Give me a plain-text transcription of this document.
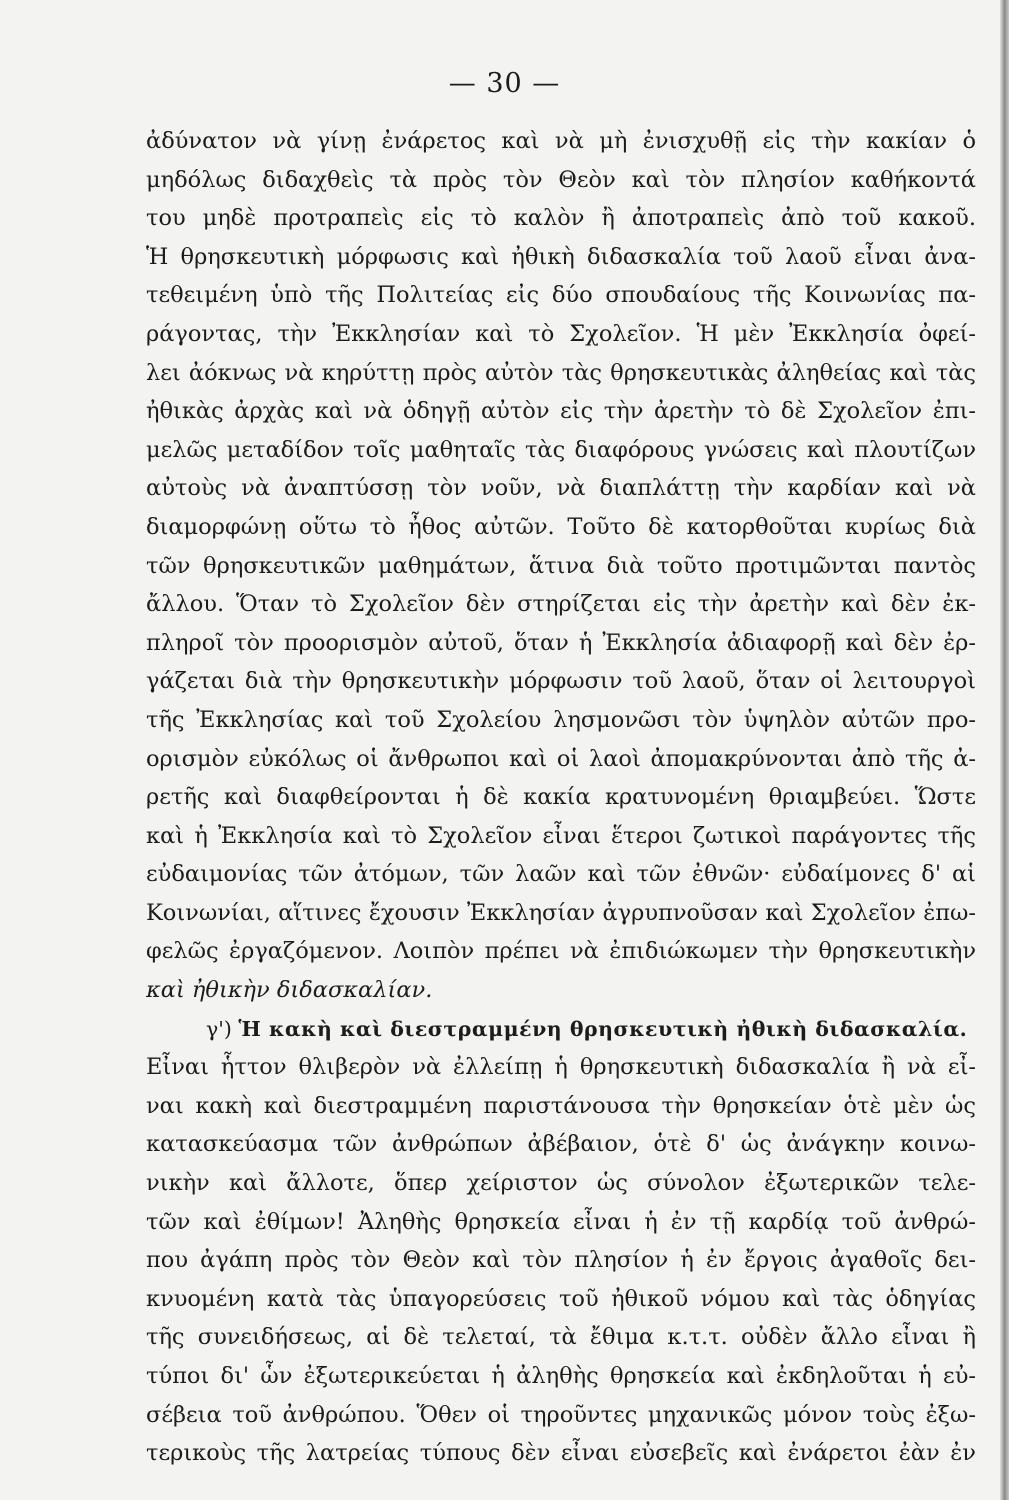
— 30 —
ἀδύνατον νὰ γίνῃ ἐνάρετος καὶ νὰ μὴ ἐνισχυθῇ εἰς τὴν κακίαν ὁ
μηδόλως διδαχθεὶς τὰ πρὸς τὸν Θεὸν καὶ τὸν πλησίον καθήκοντά
του μηδὲ προτραπεὶς εἰς τὸ καλὸν ἢ ἀποτραπεὶς ἀπὸ τοῦ κακοῦ.
Ἡ θρησκευτικὴ μόρφωσις καὶ ἠθικὴ διδασκαλία τοῦ λαοῦ εἶναι ἀνα-
τεθειμένη ὑπὸ τῆς Πολιτείας εἰς δύο σπουδαίους τῆς Κοινωνίας πα-
ράγοντας, τὴν Ἐκκλησίαν καὶ τὸ Σχολεῖον. Ἡ μὲν Ἐκκλησία ὀφεί-
λει ἀόκνως νὰ κηρύττῃ πρὸς αὐτὸν τὰς θρησκευτικὰς ἀληθείας καὶ τὰς
ἠθικὰς ἀρχὰς καὶ νὰ ὁδηγῇ αὐτὸν εἰς τὴν ἀρετὴν τὸ δὲ Σχολεῖον ἐπι-
μελῶς μεταδίδον τοῖς μαθηταῖς τὰς διαφόρους γνώσεις καὶ πλουτίζων
αὐτοὺς νὰ ἀναπτύσσῃ τὸν νοῦν, νὰ διαπλάττῃ τὴν καρδίαν καὶ νὰ
διαμορφώνῃ οὕτω τὸ ἦθος αὐτῶν. Τοῦτο δὲ κατορθοῦται κυρίως διὰ
τῶν θρησκευτικῶν μαθημάτων, ἅτινα διὰ τοῦτο προτιμῶνται παντὸς
ἄλλου. Ὅταν τὸ Σχολεῖον δὲν στηρίζεται εἰς τὴν ἀρετὴν καὶ δὲν ἐκ-
πληροῖ τὸν προορισμὸν αὐτοῦ, ὅταν ἡ Ἐκκλησία ἀδιαφορῇ καὶ δὲν ἐρ-
γάζεται διὰ τὴν θρησκευτικὴν μόρφωσιν τοῦ λαοῦ, ὅταν οἱ λειτουργοὶ
τῆς Ἐκκλησίας καὶ τοῦ Σχολείου λησμονῶσι τὸν ὑψηλὸν αὐτῶν προ-
ορισμὸν εὐκόλως οἱ ἄνθρωποι καὶ οἱ λαοὶ ἀπομακρύνονται ἀπὸ τῆς ἀ-
ρετῆς καὶ διαφθείρονται ἡ δὲ κακία κρατυνομένη θριαμβεύει. Ὥστε
καὶ ἡ Ἐκκλησία καὶ τὸ Σχολεῖον εἶναι ἕτεροι ζωτικοὶ παράγοντες τῆς
εὐδαιμονίας τῶν ἀτόμων, τῶν λαῶν καὶ τῶν ἐθνῶν· εὐδαίμονες δ' αἱ
Κοινωνίαι, αἵτινες ἔχουσιν Ἐκκλησίαν ἀγρυπνοῦσαν καὶ Σχολεῖον ἐπω-
φελῶς ἐργαζόμενον. Λοιπὸν πρέπει νὰ ἐπιδιώκωμεν τὴν θρησκευτικὴν
καὶ ἠθικὴν διδασκαλίαν.
γ') Ἡ κακὴ καὶ διεστραμμένη θρησκευτικὴ ἠθικὴ διδασκαλία.
Εἶναι ἧττον θλιβερὸν νὰ ἐλλείπῃ ἡ θρησκευτικὴ διδασκαλία ἢ νὰ εἶ-
ναι κακὴ καὶ διεστραμμένη παριστάνουσα τὴν θρησκείαν ὁτὲ μὲν ὡς
κατασκεύασμα τῶν ἀνθρώπων ἀβέβαιον, ὁτὲ δ' ὡς ἀνάγκην κοινω-
νικὴν καὶ ἄλλοτε, ὅπερ χείριστον ὡς σύνολον ἐξωτερικῶν τελε-
τῶν καὶ ἐθίμων! Ἀληθὴς θρησκεία εἶναι ἡ ἐν τῇ καρδίᾳ τοῦ ἀνθρώ-
που ἀγάπη πρὸς τὸν Θεὸν καὶ τὸν πλησίον ἡ ἐν ἔργοις ἀγαθοῖς δει-
κνυομένη κατὰ τὰς ὑπαγορεύσεις τοῦ ἠθικοῦ νόμου καὶ τὰς ὁδηγίας
τῆς συνειδήσεως, αἱ δὲ τελεταί, τὰ ἔθιμα κ.τ.τ. οὐδὲν ἄλλο εἶναι ἢ
τύποι δι' ὧν ἐξωτερικεύεται ἡ ἀληθὴς θρησκεία καὶ ἐκδηλοῦται ἡ εὐ-
σέβεια τοῦ ἀνθρώπου. Ὅθεν οἱ τηροῦντες μηχανικῶς μόνον τοὺς ἐξω-
τερικοὺς τῆς λατρείας τύπους δὲν εἶναι εὐσεβεῖς καὶ ἐνάρετοι ἐὰν ἐν
